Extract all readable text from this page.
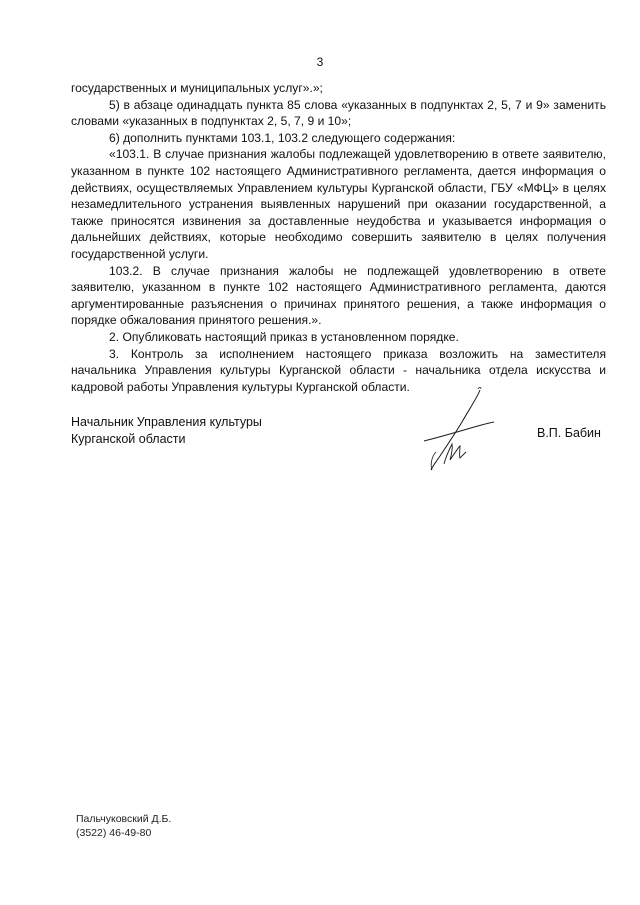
3

государственных и муниципальных услуг».»;

5) в абзаце одинадцать пункта 85 слова «указанных в подпунктах 2, 5, 7 и 9» заменить словами «указанных в подпунктах 2, 5, 7, 9 и 10»;

6) дополнить пунктами 103.1, 103.2 следующего содержания:

«103.1. В случае признания жалобы подлежащей удовлетворению в ответе заявителю, указанном в пункте 102 настоящего Административного регламента, дается информация о действиях, осуществляемых Управлением культуры Курганской области, ГБУ «МФЦ» в целях незамедлительного устранения выявленных нарушений при оказании государственной, а также приносятся извинения за доставленные неудобства и указывается информация о дальнейших действиях, которые необходимо совершить заявителю в целях получения государственной услуги.

103.2. В случае признания жалобы не подлежащей удовлетворению в ответе заявителю, указанном в пункте 102 настоящего Административного регламента, даются аргументированные разъяснения о причинах принятого решения, а также информация о порядке обжалования принятого решения.».

2. Опубликовать настоящий приказ в установленном порядке.

3. Контроль за исполнением настоящего приказа возложить на заместителя начальника Управления культуры Курганской области - начальника отдела искусства и кадровой работы Управления культуры Курганской области.

Начальник Управления культуры
Курганской области	В.П. Бабин
Пальчуковский Д.Б.
(3522) 46-49-80
